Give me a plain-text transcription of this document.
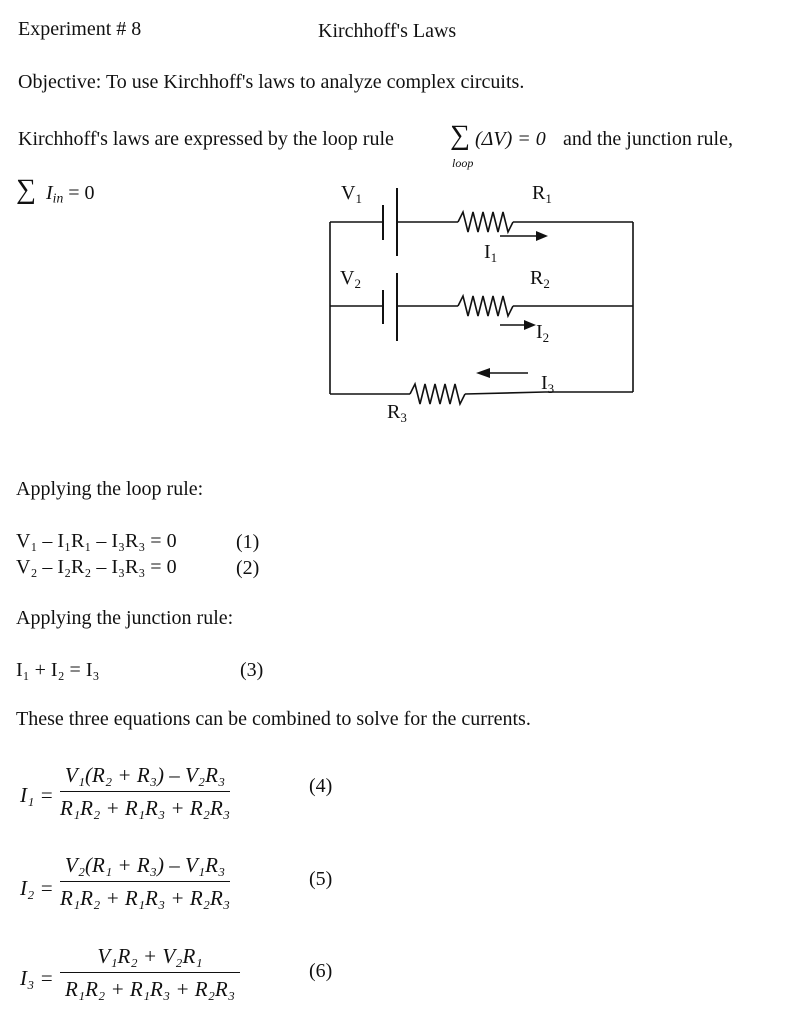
Experiment # 8	Kirchhoff's Laws
Objective: To use Kirchhoff's laws to analyze complex circuits.
Kirchhoff's laws are expressed by the loop rule ∑ (ΔV) = 0
loop
and the junction rule,
∑ $I_{in} = 0$	$V_1$
$V_2$
$R_1$
$R_2$
$R_3$
$I_1$
$I_2$
$I_3$
Applying the loop rule:
V₁ – I₁R₁ – I₃R₃ = 0	(1)
V₂ – I₂R₂ – I₃R₃ = 0	(2)
Applying the junction rule:
I₁ + I₂ = I₃	(3)
These three equations can be combined to solve for the currents.
$I_1 = \frac{\text{V₁(R₂ + R₃) – V₂R₃}}{\text{R₁R₂ + R₁R₃ + R₂R₃}}$	(4)
$I_2 = \frac{\text{V₂(R₁ + R₃) – V₁R₃}}{\text{R₁R₂ + R₁R₃ + R₂R₃}}$	(5)
$I_3 = \frac{\text{V₁R₂ + V₂R₁}}{\text{R₁R₂ + R₁R₃ + R₂R₃}}$	(6)
